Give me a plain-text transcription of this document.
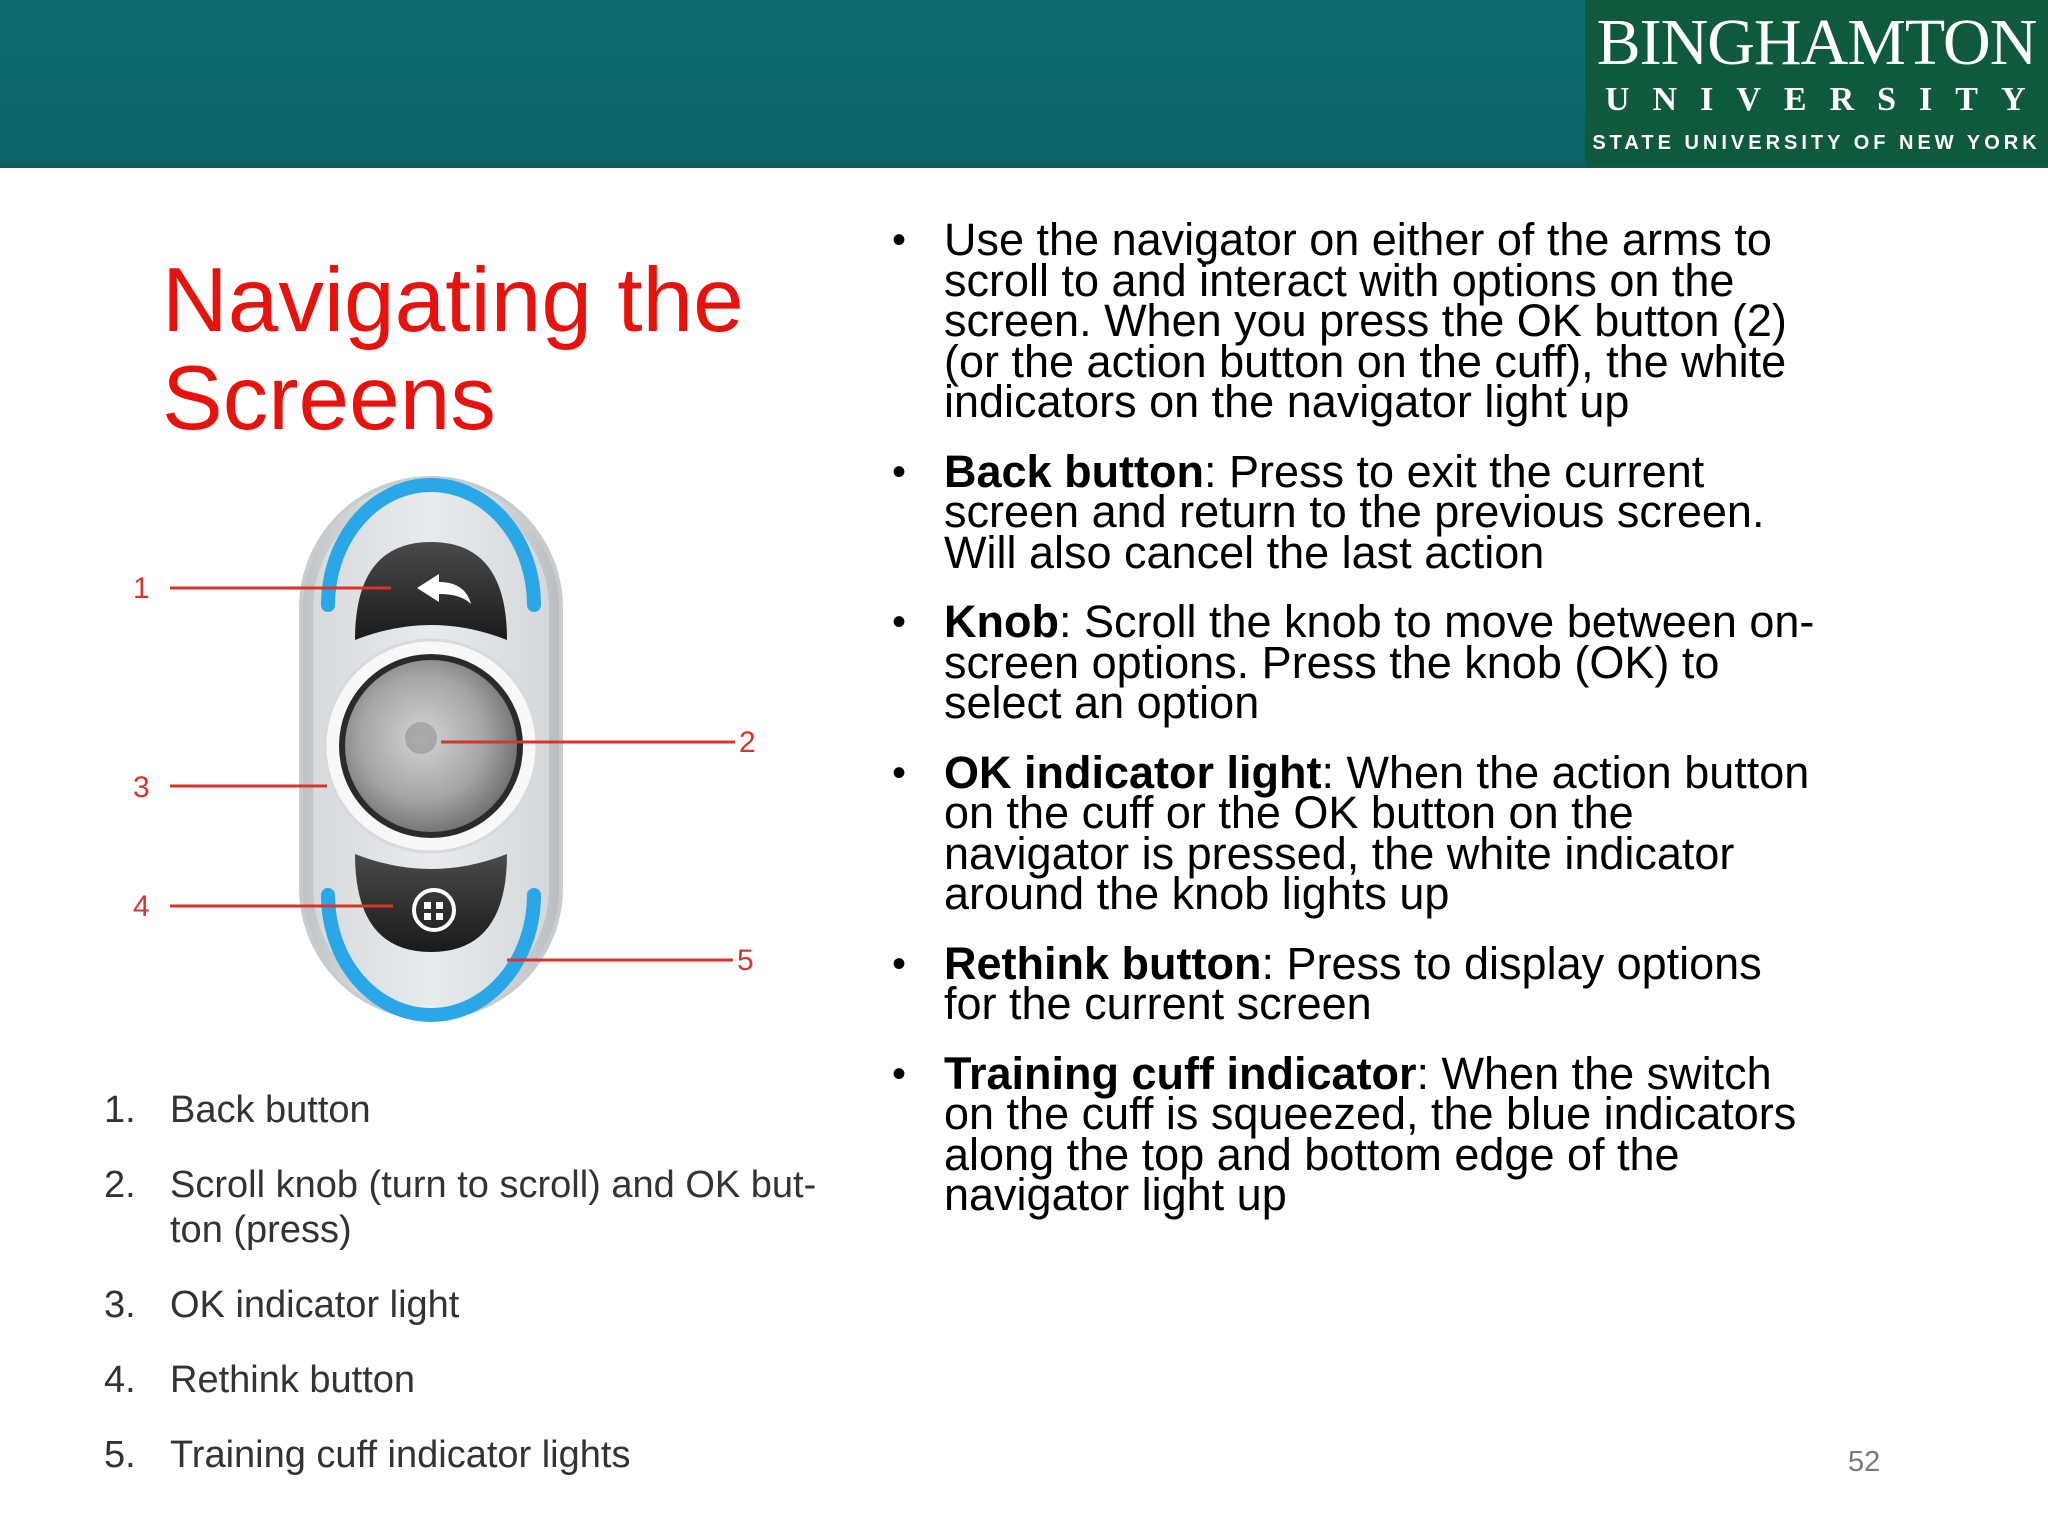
BINGHAMTON
UNIVERSITY
STATE UNIVERSITY OF NEW YORK
Navigating the
Screens
1
2
3
4
5
1. Back button
2. Scroll knob (turn to scroll) and OK but-
ton (press)
3. OK indicator light
4. Rethink button
5. Training cuff indicator lights
• Use the navigator on either of the arms to
scroll to and interact with options on the
screen. When you press the OK button (2)
(or the action button on the cuff), the white
indicators on the navigator light up
• Back button: Press to exit the current
screen and return to the previous screen.
Will also cancel the last action
• Knob: Scroll the knob to move between on-
screen options. Press the knob (OK) to
select an option
• OK indicator light: When the action button
on the cuff or the OK button on the
navigator is pressed, the white indicator
around the knob lights up
• Rethink button: Press to display options
for the current screen
• Training cuff indicator: When the switch
on the cuff is squeezed, the blue indicators
along the top and bottom edge of the
navigator light up
52
